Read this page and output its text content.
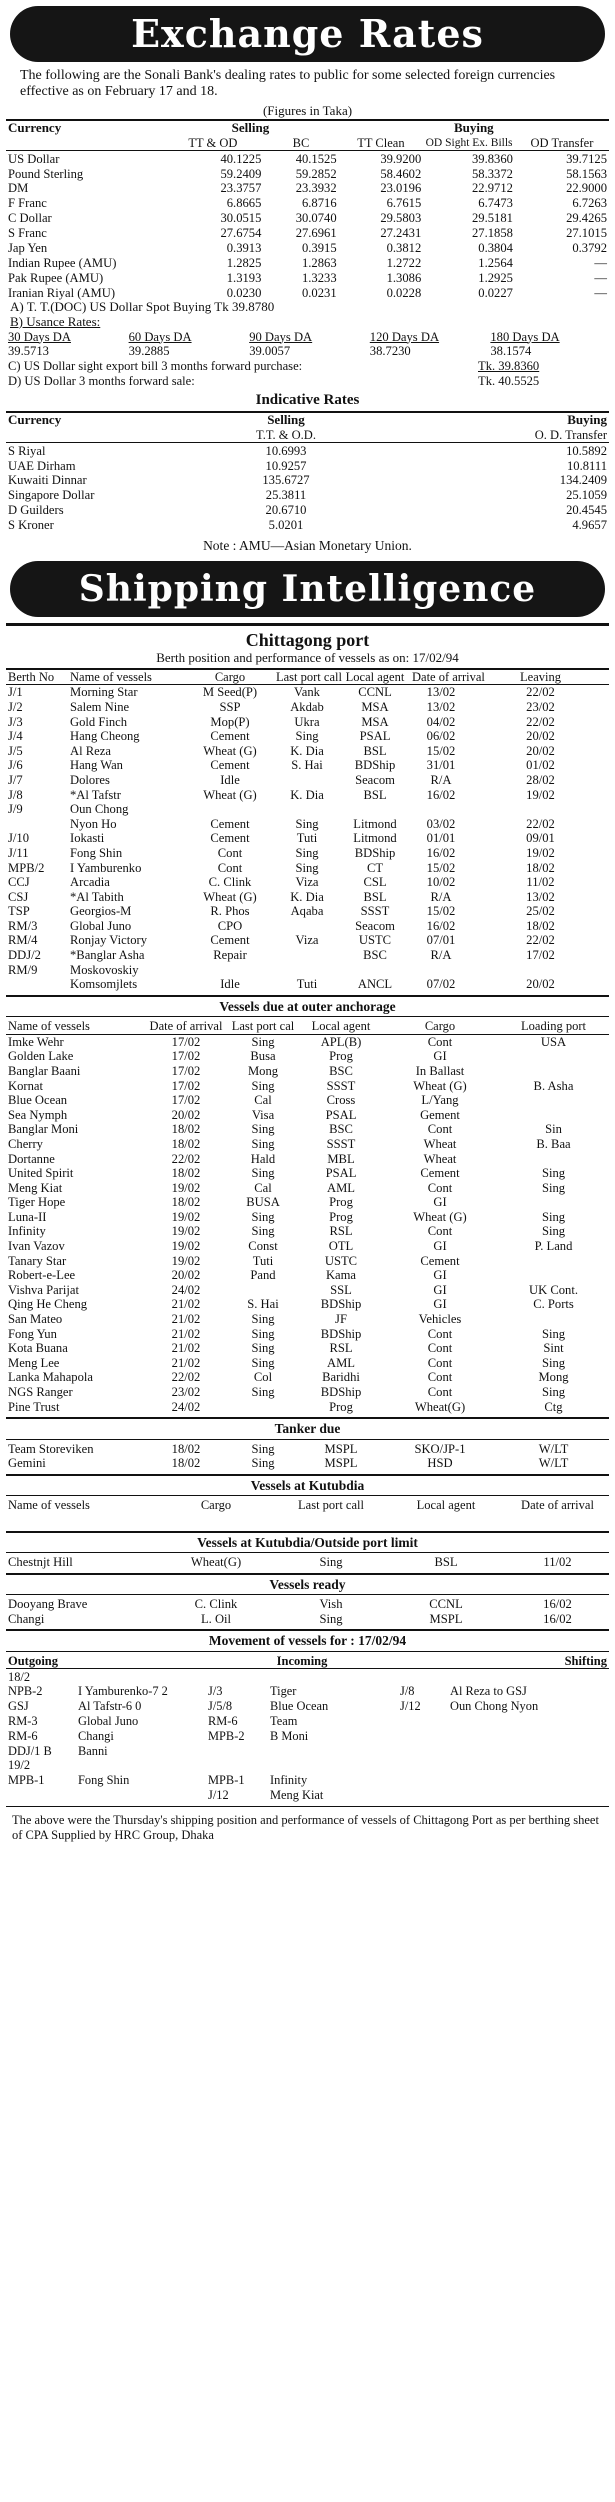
Exchange Rates
The following are the Sonali Bank's dealing rates to public for some selected foreign currencies effective as on February 17 and 18.
(Figures in Taka)
Currency	Selling		Buying		
	TT & OD	BC	TT Clean	OD Sight Ex. Bills	OD Transfer
US Dollar	40.1225	40.1525	39.9200	39.8360	39.7125
Pound Sterling	59.2409	59.2852	58.4602	58.3372	58.1563
DM	23.3757	23.3932	23.0196	22.9712	22.9000
F Franc	6.8665	6.8716	6.7615	6.7473	6.7263
C Dollar	30.0515	30.0740	29.5803	29.5181	29.4265
S Franc	27.6754	27.6961	27.2431	27.1858	27.1015
Jap Yen	0.3913	0.3915	0.3812	0.3804	0.3792
Indian Rupee (AMU)	1.2825	1.2863	1.2722	1.2564	—
Pak Rupee (AMU)	1.3193	1.3233	1.3086	1.2925	—
Iranian Riyal (AMU)	0.0230	0.0231	0.0228	0.0227	—
A) T. T.(DOC) US Dollar Spot Buying Tk 39.8780
B) Usance Rates:
30 Days DA	60 Days DA	90 Days DA	120 Days DA	180 Days DA
39.5713	39.2885	39.0057	38.7230	38.1574
C) US Dollar sight export bill 3 months forward purchase:	Tk. 39.8360
D) US Dollar 3 months forward sale:	Tk. 40.5525
Indicative Rates
Currency	Selling	Buying
	T.T. & O.D.	O. D. Transfer
S Riyal	10.6993	10.5892
UAE Dirham	10.9257	10.8111
Kuwaiti Dinnar	135.6727	134.2409
Singapore Dollar	25.3811	25.1059
D Guilders	20.6710	20.4545
S Kroner	5.0201	4.9657
Note : AMU—Asian Monetary Union.
Shipping Intelligence
Chittagong port
Berth position and performance of vessels as on: 17/02/94
Berth No	Name of vessels	Cargo	Last port call	Local agent	Date of arrival	Leaving
J/1	Morning Star	M Seed(P)	Vank	CCNL	13/02	22/02
J/2	Salem Nine	SSP	Akdab	MSA	13/02	23/02
J/3	Gold Finch	Mop(P)	Ukra	MSA	04/02	22/02
J/4	Hang Cheong	Cement	Sing	PSAL	06/02	20/02
J/5	Al Reza	Wheat (G)	K. Dia	BSL	15/02	20/02
J/6	Hang Wan	Cement	S. Hai	BDShip	31/01	01/02
J/7	Dolores	Idle		Seacom	R/A	28/02
J/8	*Al Tafstr	Wheat (G)	K. Dia	BSL	16/02	19/02
J/9	Oun Chong					
	Nyon Ho	Cement	Sing	Litmond	03/02	22/02
J/10	Iokasti	Cement	Tuti	Litmond	01/01	09/01
J/11	Fong Shin	Cont	Sing	BDShip	16/02	19/02
MPB/2	I Yamburenko	Cont	Sing	CT	15/02	18/02
CCJ	Arcadia	C. Clink	Viza	CSL	10/02	11/02
CSJ	*Al Tabith	Wheat (G)	K. Dia	BSL	R/A	13/02
TSP	Georgios-M	R. Phos	Aqaba	SSST	15/02	25/02
RM/3	Global Juno	CPO		Seacom	16/02	18/02
RM/4	Ronjay Victory	Cement	Viza	USTC	07/01	22/02
DDJ/2	*Banglar Asha	Repair		BSC	R/A	17/02
RM/9	Moskovoskiy					
	Komsomjlets	Idle	Tuti	ANCL	07/02	20/02
Vessels due at outer anchorage
Name of vessels	Date of arrival	Last port cal	Local agent	Cargo	Loading port
Imke Wehr	17/02	Sing	APL(B)	Cont	USA
Golden Lake	17/02	Busa	Prog	GI	
Banglar Baani	17/02	Mong	BSC	In Ballast	
Kornat	17/02	Sing	SSST	Wheat (G)	B. Asha
Blue Ocean	17/02	Cal	Cross	L/Yang	
Sea Nymph	20/02	Visa	PSAL	Gement	
Banglar Moni	18/02	Sing	BSC	Cont	Sin
Cherry	18/02	Sing	SSST	Wheat	B. Baa
Dortanne	22/02	Hald	MBL	Wheat	
United Spirit	18/02	Sing	PSAL	Cement	Sing
Meng Kiat	19/02	Cal	AML	Cont	Sing
Tiger Hope	18/02	BUSA	Prog	GI	
Luna-II	19/02	Sing	Prog	Wheat (G)	Sing
Infinity	19/02	Sing	RSL	Cont	Sing
Ivan Vazov	19/02	Const	OTL	GI	P. Land
Tanary Star	19/02	Tuti	USTC	Cement	
Robert-e-Lee	20/02	Pand	Kama	GI	
Vishva Parijat	24/02		SSL	GI	UK Cont.
Qing He Cheng	21/02	S. Hai	BDShip	GI	C. Ports
San Mateo	21/02	Sing	JF	Vehicles	
Fong Yun	21/02	Sing	BDShip	Cont	Sing
Kota Buana	21/02	Sing	RSL	Cont	Sint
Meng Lee	21/02	Sing	AML	Cont	Sing
Lanka Mahapola	22/02	Col	Baridhi	Cont	Mong
NGS Ranger	23/02	Sing	BDShip	Cont	Sing
Pine Trust	24/02		Prog	Wheat(G)	Ctg
Tanker due
Team Storeviken	18/02	Sing	MSPL	SKO/JP-1	W/LT
Gemini	18/02	Sing	MSPL	HSD	W/LT
Vessels at Kutubdia
Name of vessels	Cargo	Last port call	Local agent	Date of arrival

Vessels at Kutubdia/Outside port limit
Chestnjt Hill	Wheat(G)	Sing	BSL	11/02
Vessels ready
Dooyang Brave	C. Clink	Vish	CCNL	16/02
Changi	L. Oil	Sing	MSPL	16/02
Movement of vessels for : 17/02/94
Outgoing		Incoming		Shifting	
18/2					
NPB-2	I Yamburenko-7 2	J/3	Tiger	J/8	Al Reza to GSJ
GSJ	Al Tafstr-6 0	J/5/8	Blue Ocean	J/12	Oun Chong Nyon
RM-3	Global Juno	RM-6	Team		
RM-6	Changi	MPB-2	B Moni		
DDJ/1 B	Banni				
19/2					
MPB-1	Fong Shin	MPB-1	Infinity		
		J/12	Meng Kiat		
The above were the Thursday's shipping position and performance of vessels of Chittagong Port as per berthing sheet of CPA Supplied by HRC Group, Dhaka
